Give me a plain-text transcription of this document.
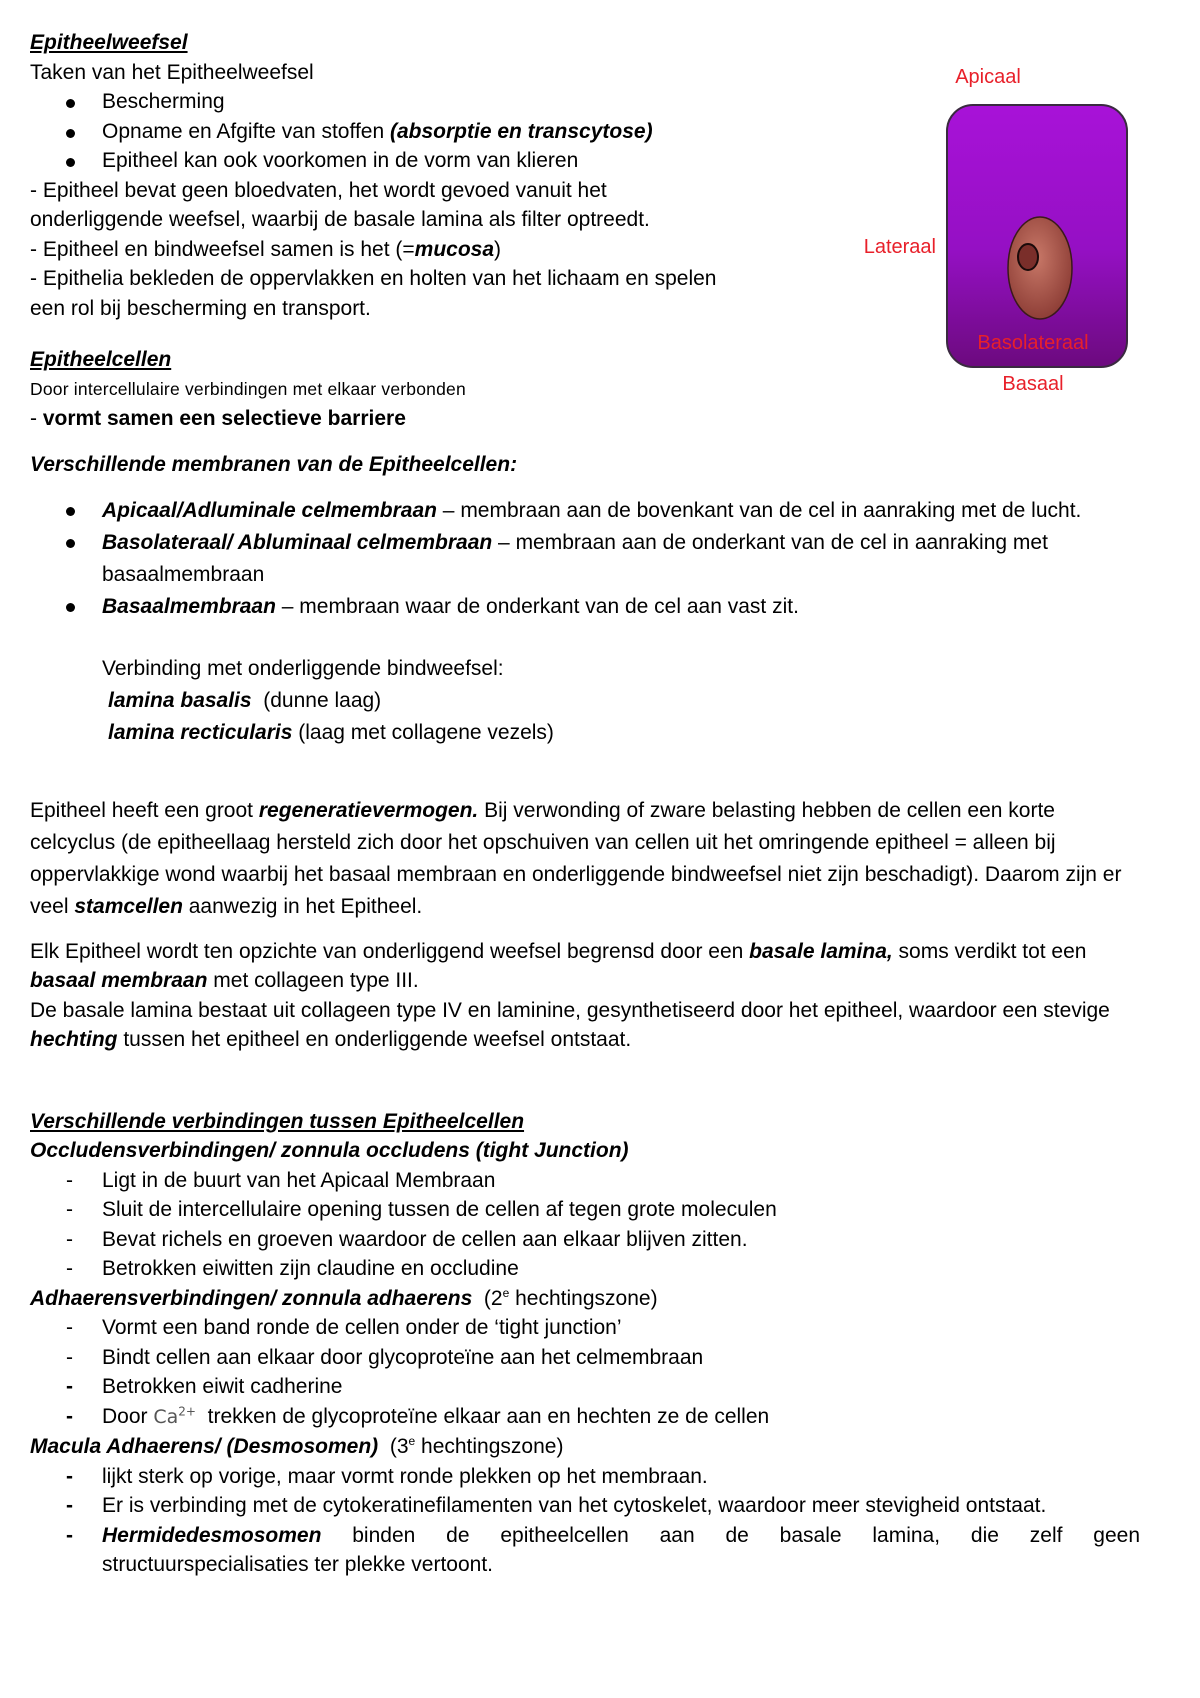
Epitheelweefsel

Taken van het Epitheelweefsel

Bescherming
Opname en Afgifte van stoffen (absorptie en transcytose)
Epitheel kan ook voorkomen in de vorm van klieren

- Epitheel bevat geen bloedvaten, het wordt gevoed vanuit het

onderliggende weefsel, waarbij de basale lamina als filter optreedt.

- Epitheel en bindweefsel samen is het (=mucosa)

- Epithelia bekleden de oppervlakken en holten van het lichaam en spelen

een rol bij bescherming en transport.

Epitheelcellen

Door intercellulaire verbindingen met elkaar verbonden

- vormt samen een selectieve barriere

Verschillende membranen van de Epitheelcellen:

Apicaal/Adluminale celmembraan – membraan aan de bovenkant van de cel in aanraking met de lucht.
Basolateraal/ Abluminaal celmembraan – membraan aan de onderkant van de cel in aanraking met basaalmembraan
Basaalmembraan – membraan waar de onderkant van de cel aan vast zit.

Verbinding met onderliggende bindweefsel:

lamina basalis  (dunne laag)

lamina recticularis (laag met collagene vezels)

Epitheel heeft een groot regeneratievermogen. Bij verwonding of zware belasting hebben de cellen een korte celcyclus (de epitheellaag hersteld zich door het opschuiven van cellen uit het omringende epitheel = alleen bij oppervlakkige wond waarbij het basaal membraan en onderliggende bindweefsel niet zijn beschadigt). Daarom zijn er veel stamcellen aanwezig in het Epitheel.

Elk Epitheel wordt ten opzichte van onderliggend weefsel begrensd door een basale lamina, soms verdikt tot een basaal membraan met collageen type III.

De basale lamina bestaat uit collageen type IV en laminine, gesynthetiseerd door het epitheel, waardoor een stevige hechting tussen het epitheel en onderliggende weefsel ontstaat.

Verschillende verbindingen tussen Epitheelcellen

Occludensverbindingen/ zonnula occludens (tight Junction)

- Ligt in de buurt van het Apicaal Membraan
- Sluit de intercellulaire opening tussen de cellen af tegen grote moleculen
- Bevat richels en groeven waardoor de cellen aan elkaar blijven zitten.
- Betrokken eiwitten zijn claudine en occludine

Adhaerensverbindingen/ zonnula adhaerens  (2e hechtingszone)

- Vormt een band ronde de cellen onder de ‘tight junction’
- Bindt cellen aan elkaar door glycoproteïne aan het celmembraan
- Betrokken eiwit cadherine
- Door $Ca^{2+}$  trekken de glycoproteïne elkaar aan en hechten ze de cellen

Macula Adhaerens/ (Desmosomen)  (3e hechtingszone)

- lijkt sterk op vorige, maar vormt ronde plekken op het membraan.
- Er is verbinding met de cytokeratinefilamenten van het cytoskelet, waardoor meer stevigheid ontstaat.
- Hermidedesmosomen binden de epitheelcellen aan de basale lamina, die zelf geen
structuurspecialisaties ter plekke vertoont.
Apicaal
Lateraal
Basolateraal
Basaal
